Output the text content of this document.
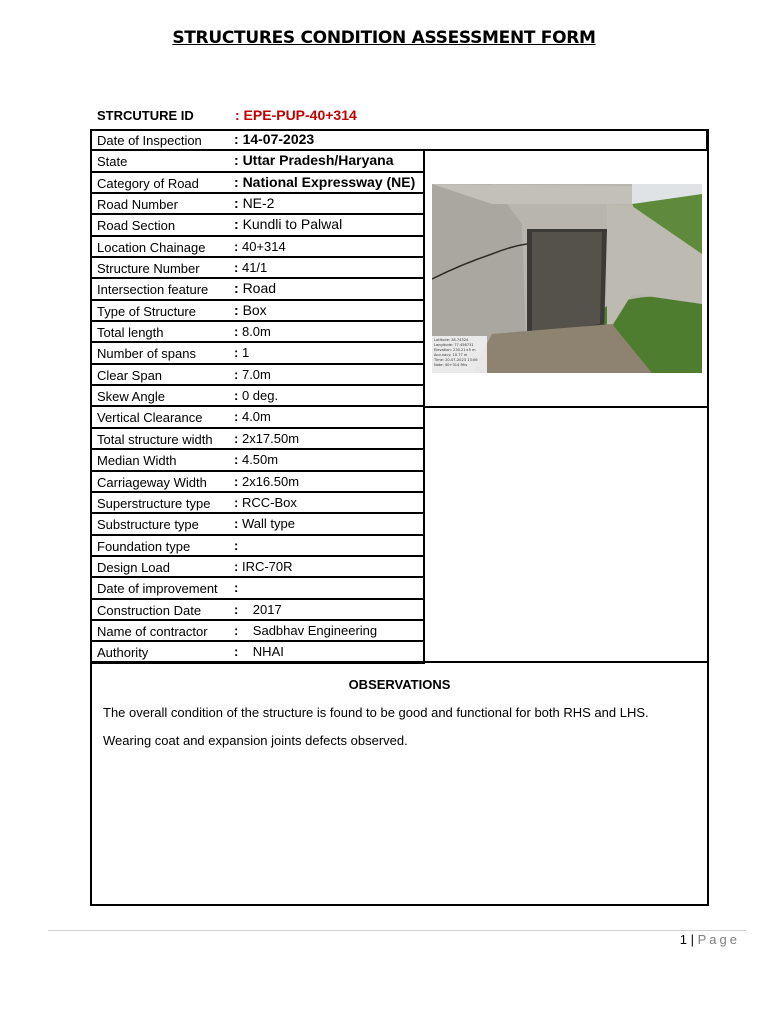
STRUCTURES CONDITION ASSESSMENT FORM
STRCUTURE ID	: EPE-PUP-40+314
Date of Inspection : 14-07-2023
State	: Uttar Pradesh/Haryana
Category of Road	: National Expressway (NE)
Road Number	: NE-2
Road Section	: Kundli to Palwal
Location Chainage : 40+314
Structure Number	: 41/1
Intersection feature : Road
Type of Structure	: Box
Total length	: 8.0m
Number of spans	: 1
Clear Span	: 7.0m
Skew Angle	: 0 deg.
Vertical Clearance : 4.0m
Total structure width : 2x17.50m
Median Width	: 4.50m
Carriageway Width : 2x16.50m
Superstructure type : RCC-Box
Substructure type	: Wall type
Foundation type	:
Design Load	: IRC-70R
Date of improvement :
Construction Date	: 2017
Name of contractor : Sadbhav Engineering
Authority	: NHAI
Latitude: 28.74324
Longitude: 77.456731
Elevation: 230.21±5 m
Accuracy: 10.77 m
Time: 20-07-2023 13:06
Note: 40+314 Rhs
OBSERVATIONS
The overall condition of the structure is found to be good and functional for both RHS and LHS.
Wearing coat and expansion joints defects observed.
1 | Page
